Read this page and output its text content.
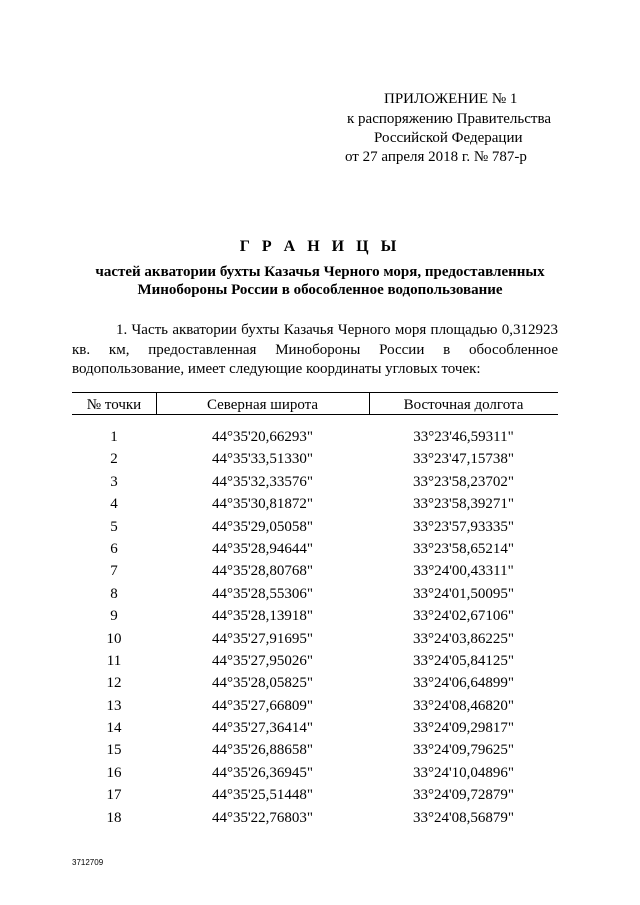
ПРИЛОЖЕНИЕ № 1
к распоряжению Правительства
Российской Федерации
от 27 апреля 2018 г. № 787-р
Г Р А Н И Ц Ы
частей акватории бухты Казачья Черного моря, предоставленных Минобороны России в обособленное водопользование
1. Часть акватории бухты Казачья Черного моря площадью 0,312923 кв. км, предоставленная Минобороны России в обособленное водопользование, имеет следующие координаты угловых точек:
№ точки	Северная широта	Восточная долгота
1	44°35'20,66293"	33°23'46,59311"
2	44°35'33,51330"	33°23'47,15738"
3	44°35'32,33576"	33°23'58,23702"
4	44°35'30,81872"	33°23'58,39271"
5	44°35'29,05058"	33°23'57,93335"
6	44°35'28,94644"	33°23'58,65214"
7	44°35'28,80768"	33°24'00,43311"
8	44°35'28,55306"	33°24'01,50095"
9	44°35'28,13918"	33°24'02,67106"
10	44°35'27,91695"	33°24'03,86225"
11	44°35'27,95026"	33°24'05,84125"
12	44°35'28,05825"	33°24'06,64899"
13	44°35'27,66809"	33°24'08,46820"
14	44°35'27,36414"	33°24'09,29817"
15	44°35'26,88658"	33°24'09,79625"
16	44°35'26,36945"	33°24'10,04896"
17	44°35'25,51448"	33°24'09,72879"
18	44°35'22,76803"	33°24'08,56879"
3712709
